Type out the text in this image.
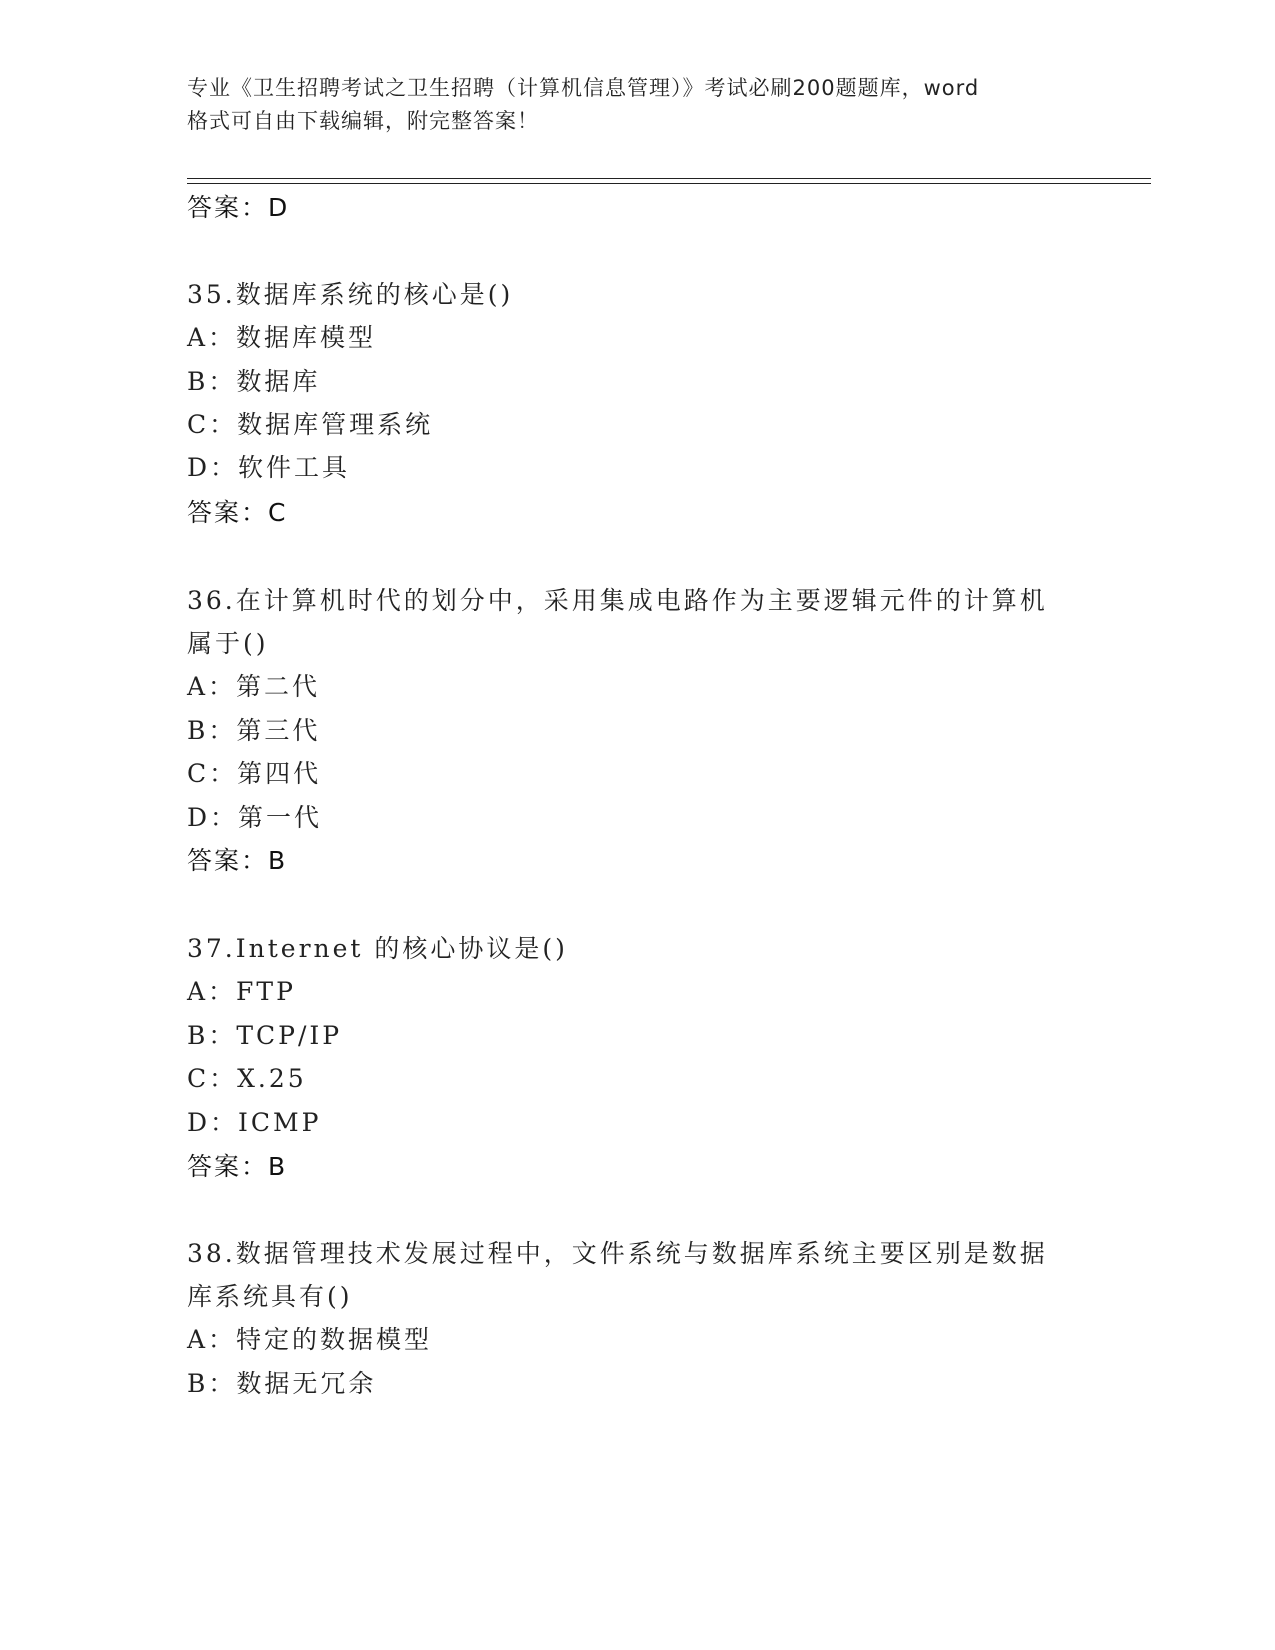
专业《卫生招聘考试之卫生招聘（计算机信息管理）》考试必刷200题题库，word
格式可自由下载编辑，附完整答案！
答案：D
35.数据库系统的核心是()
A：数据库模型
B：数据库
C：数据库管理系统
D：软件工具
答案：C
36.在计算机时代的划分中，采用集成电路作为主要逻辑元件的计算机
属于()
A：第二代
B：第三代
C：第四代
D：第一代
答案：B
37.Internet 的核心协议是()
A：FTP
B：TCP/IP
C：X.25
D：ICMP
答案：B
38.数据管理技术发展过程中，文件系统与数据库系统主要区别是数据
库系统具有()
A：特定的数据模型
B：数据无冗余
